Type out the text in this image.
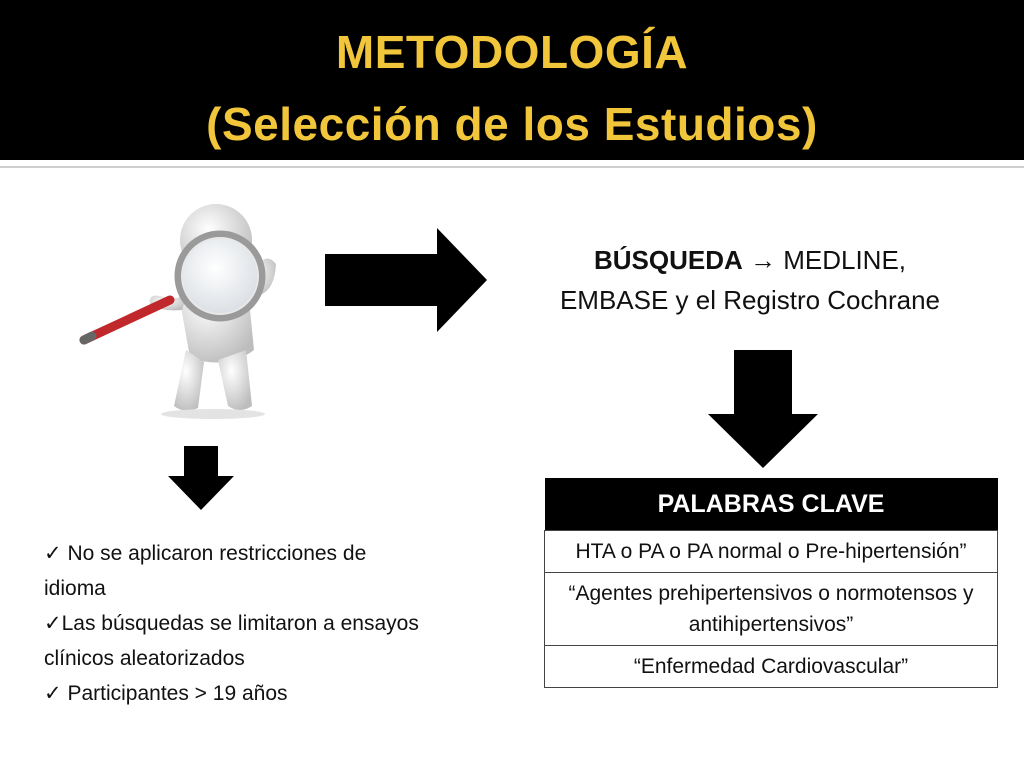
METODOLOGÍA
(Selección de los Estudios)
BÚSQUEDA → MEDLINE,
EMBASE y el Registro Cochrane
✓ No se aplicaron restricciones de idioma
✓Las búsquedas se limitaron a ensayos clínicos aleatorizados
✓ Participantes > 19 años
PALABRAS CLAVE
HTA o PA o PA normal o Pre-hipertensión”
“Agentes prehipertensivos o normotensos y antihipertensivos”
“Enfermedad Cardiovascular”
